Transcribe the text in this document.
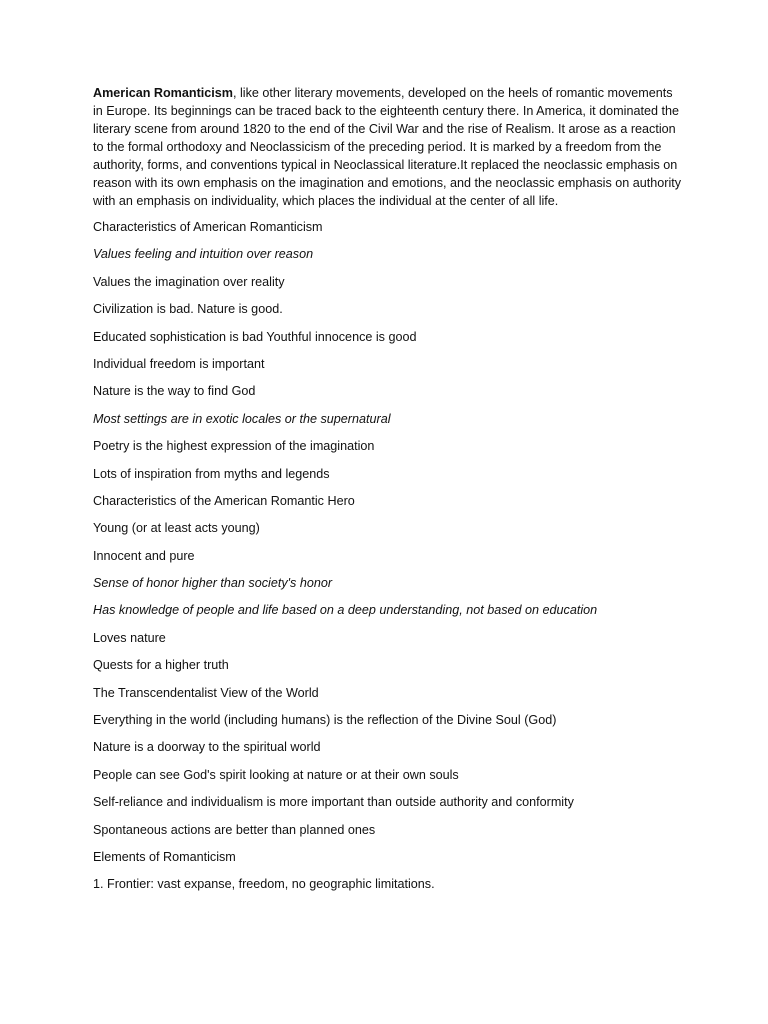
American Romanticism, like other literary movements, developed on the heels of romantic movements in Europe. Its beginnings can be traced back to the eighteenth century there. In America, it dominated the literary scene from around 1820 to the end of the Civil War and the rise of Realism. It arose as a reaction to the formal orthodoxy and Neoclassicism of the preceding period. It is marked by a freedom from the authority, forms, and conventions typical in Neoclassical literature.It replaced the neoclassic emphasis on reason with its own emphasis on the imagination and emotions, and the neoclassic emphasis on authority with an emphasis on individuality, which places the individual at the center of all life.

Characteristics of American Romanticism

Values feeling and intuition over reason

Values the imagination over reality

Civilization is bad. Nature is good.

Educated sophistication is bad Youthful innocence is good

Individual freedom is important

Nature is the way to find God

Most settings are in exotic locales or the supernatural

Poetry is the highest expression of the imagination

Lots of inspiration from myths and legends

Characteristics of the American Romantic Hero

Young (or at least acts young)

Innocent and pure

Sense of honor higher than society's honor

Has knowledge of people and life based on a deep understanding, not based on education

Loves nature

Quests for a higher truth

The Transcendentalist View of the World

Everything in the world (including humans) is the reflection of the Divine Soul (God)

Nature is a doorway to the spiritual world

People can see God's spirit looking at nature or at their own souls

Self-reliance and individualism is more important than outside authority and conformity

Spontaneous actions are better than planned ones

Elements of Romanticism

1. Frontier: vast expanse, freedom, no geographic limitations.
